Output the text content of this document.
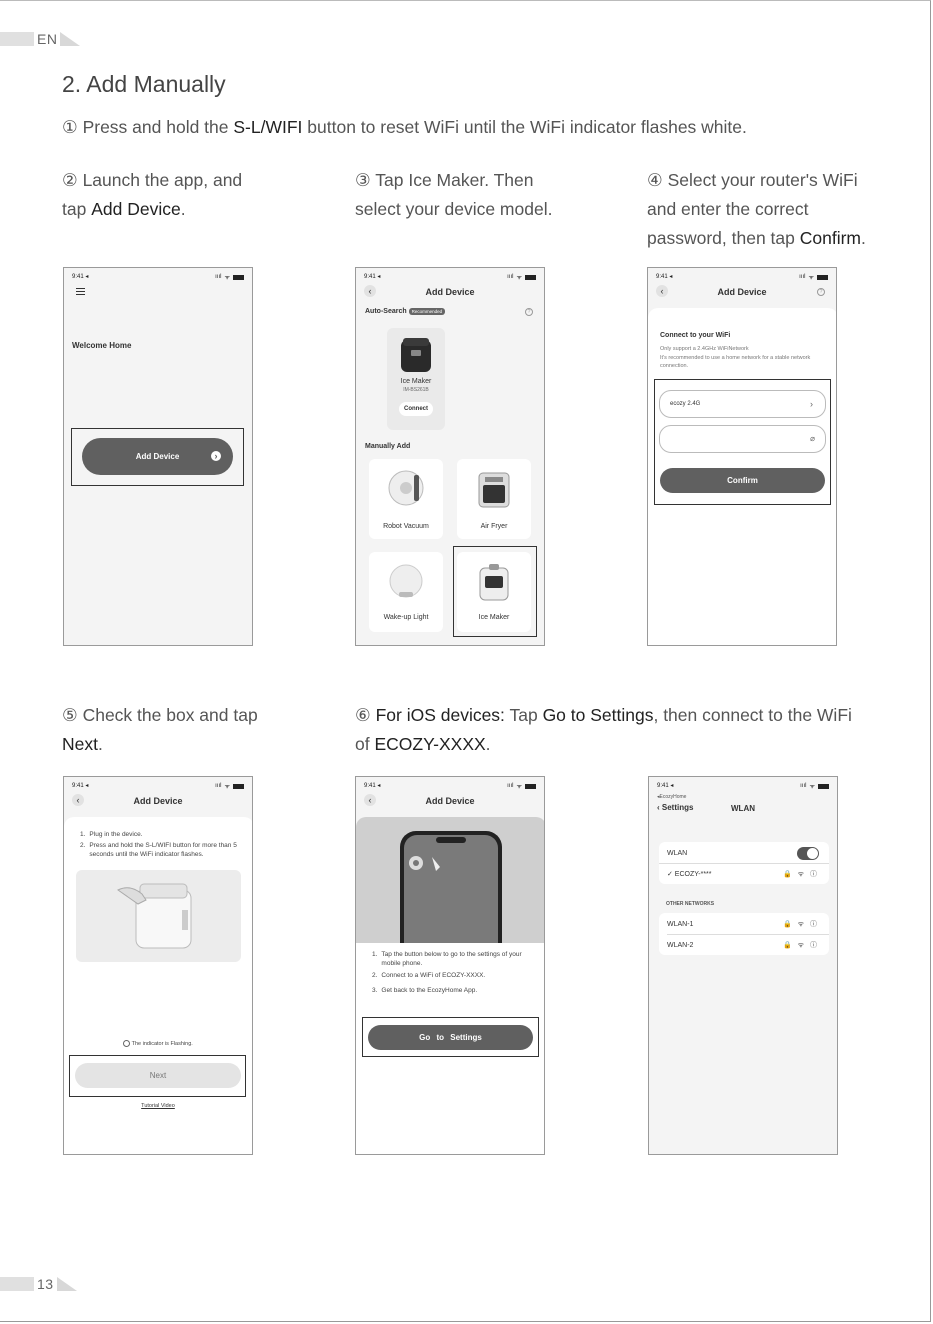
EN
2. Add Manually
① Press and hold the S-L/WIFI button to reset WiFi until the WiFi indicator flashes white.
② Launch the app, and
tap Add Device.
③ Tap Ice Maker. Then
select your device model.
④ Select your router's WiFi
and enter the correct
password, then tap Confirm.
⑤ Check the box and tap
Next.
⑥ For iOS devices: Tap Go to Settings, then connect to the WiFi
of ECOZY-XXXX.
9:41 ◂	ıııl ᯤ
Welcome Home
Add Device	›
9:41 ◂	ıııl ᯤ
‹	Add Device
Auto-Search	Recommended	?
Ice Maker
IM-BS261B
Connect
Manually Add
Robot Vacuum	Air Fryer
Wake-up Light	Ice Maker
9:41 ◂	ıııl ᯤ
‹	Add Device	?
Connect to your WiFi
Only support a 2.4GHz WiFiNetwork
It's recommended to use a home network for a stable network connection.
ecozy 2.4G	›
⌀
Confirm
9:41 ◂	ıııl ᯤ
‹	Add Device
1. Plug in the device.
2. Press and hold the S-L/WIFI button for more than 5 seconds until the WiFi indicator flashes.
The indicator is Flashing.
Next
Tutorial Video
9:41 ◂	ıııl ᯤ
‹	Add Device
1. Tap the button below to go to the settings of your mobile phone.
2. Connect to a WiFi of ECOZY-XXXX.
3. Get back to the EcozyHome App.
Go to Settings
9:41 ◂	ıııl ᯤ
◂EcozyHome
‹ Settings	WLAN
WLAN
✓ ECOZY-****	🔒 ᯤ ⓘ
OTHER NETWORKS
WLAN-1	🔒 ᯤ ⓘ
WLAN-2	🔒 ᯤ ⓘ
13
